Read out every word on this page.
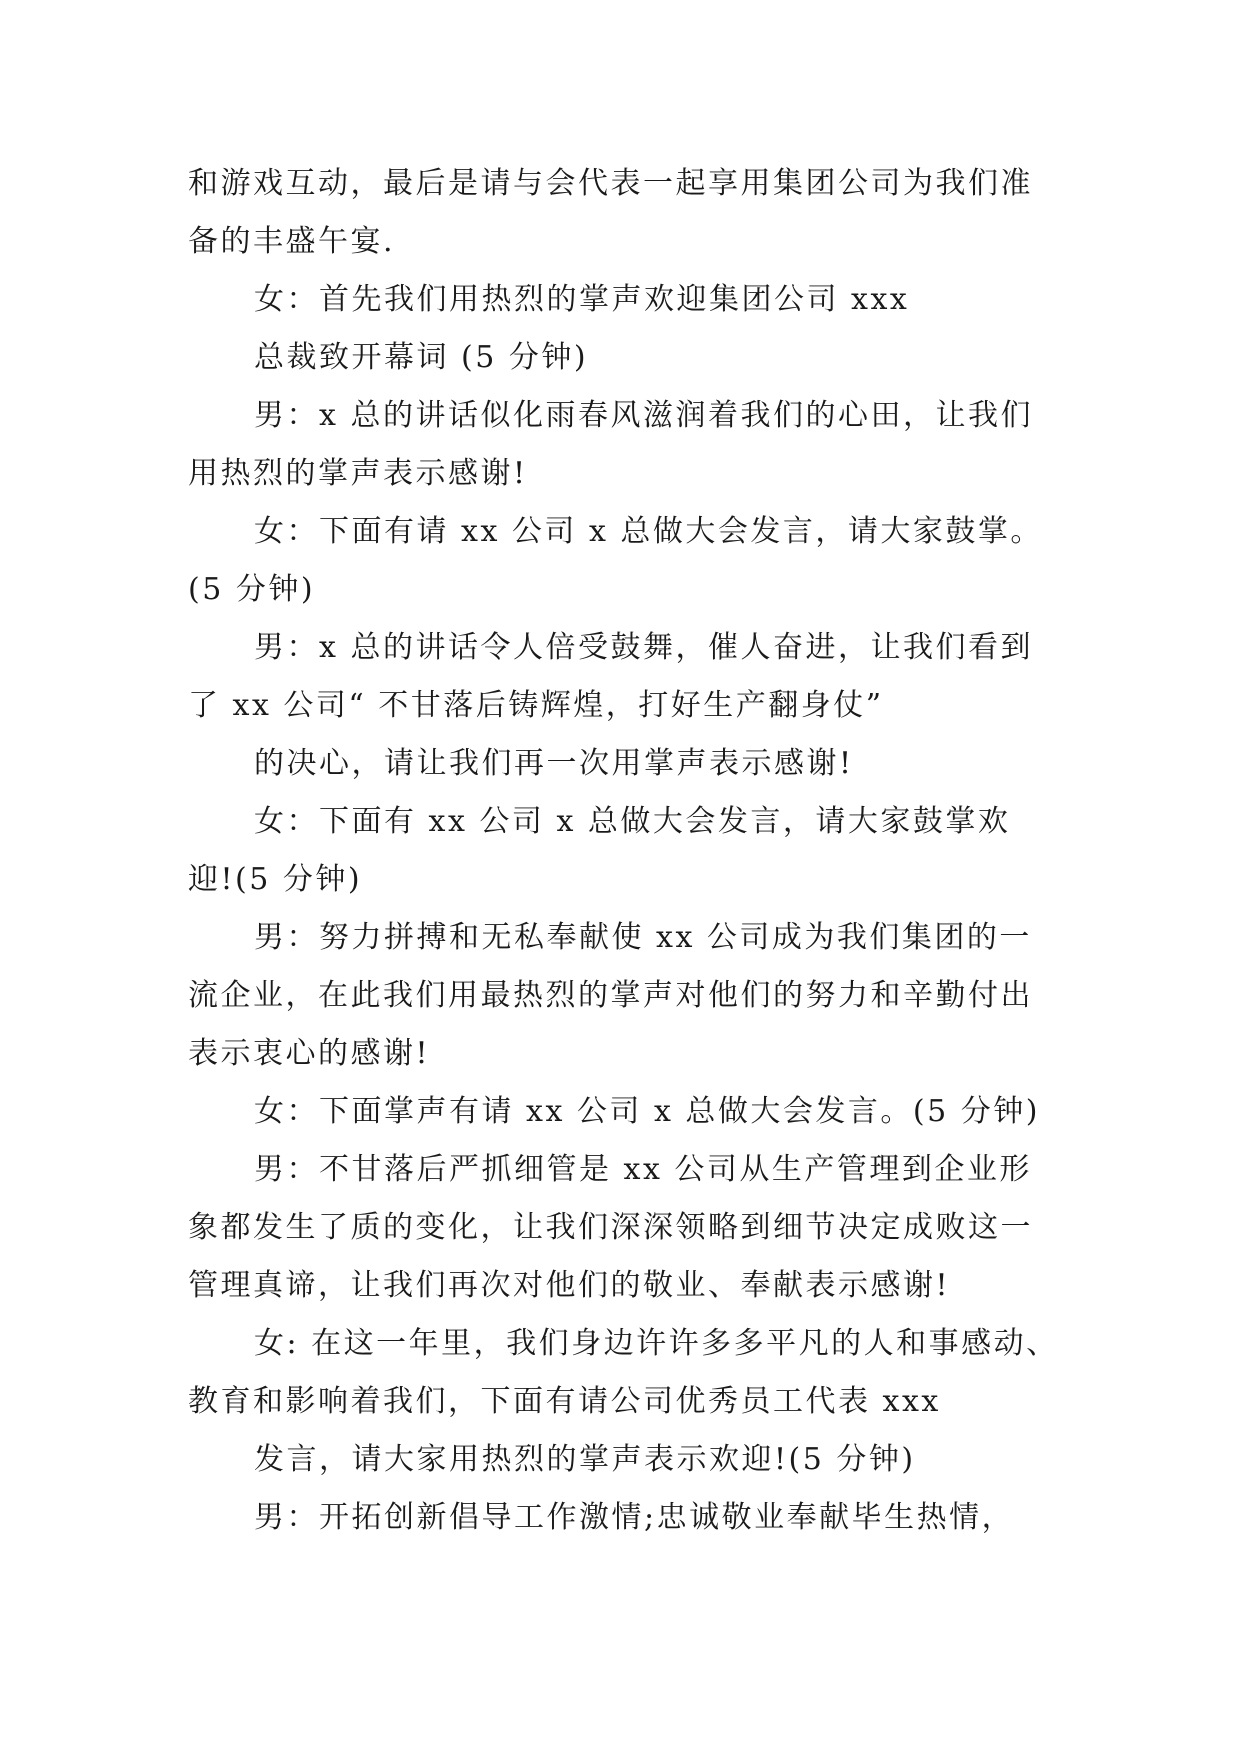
和游戏互动，最后是请与会代表一起享用集团公司为我们准
备的丰盛午宴.
女：首先我们用热烈的掌声欢迎集团公司 xxx
总裁致开幕词 (5 分钟)
男：x 总的讲话似化雨春风滋润着我们的心田，让我们
用热烈的掌声表示感谢!
女：下面有请 xx 公司 x 总做大会发言，请大家鼓掌。
(5 分钟)
男：x 总的讲话令人倍受鼓舞，催人奋进，让我们看到
了 xx 公司“ 不甘落后铸辉煌，打好生产翻身仗”
的决心，请让我们再一次用掌声表示感谢!
女：下面有 xx 公司 x 总做大会发言，请大家鼓掌欢
迎!(5 分钟)
男：努力拼搏和无私奉献使 xx 公司成为我们集团的一
流企业，在此我们用最热烈的掌声对他们的努力和辛勤付出
表示衷心的感谢!
女：下面掌声有请 xx 公司 x 总做大会发言。(5 分钟)
男：不甘落后严抓细管是 xx 公司从生产管理到企业形
象都发生了质的变化，让我们深深领略到细节决定成败这一
管理真谛，让我们再次对他们的敬业、奉献表示感谢!
女: 在这一年里，我们身边许许多多平凡的人和事感动、
教育和影响着我们，下面有请公司优秀员工代表 xxx
发言，请大家用热烈的掌声表示欢迎!(5 分钟)
男：开拓创新倡导工作激情;忠诚敬业奉献毕生热情，
